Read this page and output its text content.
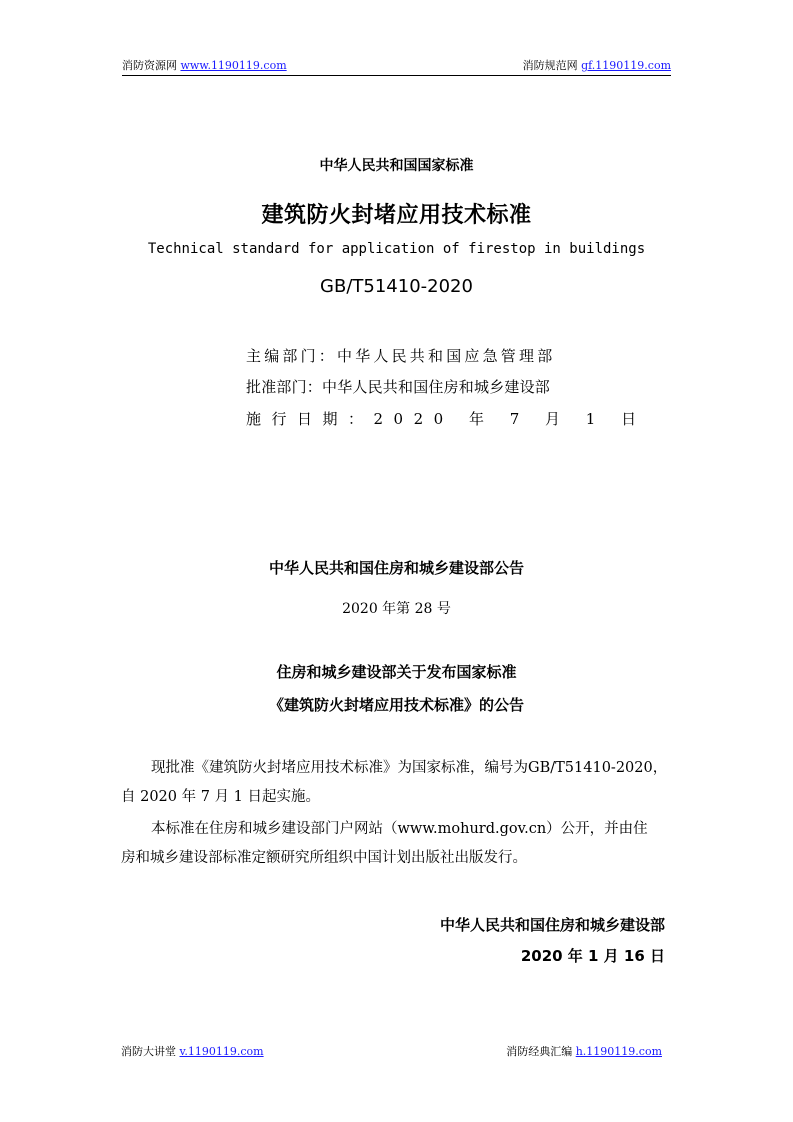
消防资源网 www.1190119.com	消防规范网 gf.1190119.com
中华人民共和国国家标准
建筑防火封堵应用技术标准
Technical standard for application of firestop in buildings
GB/T51410-2020
主编部门：中华人民共和国应急管理部
批准部门：中华人民共和国住房和城乡建设部
施行日期：2020 年 7 月 1 日
中华人民共和国住房和城乡建设部公告
2020 年第 28 号
住房和城乡建设部关于发布国家标准
《建筑防火封堵应用技术标准》的公告
现批准《建筑防火封堵应用技术标准》为国家标准，编号为GB/T51410-2020，
自 2020 年 7 月 1 日起实施。
本标准在住房和城乡建设部门户网站（www.mohurd.gov.cn）公开，并由住
房和城乡建设部标准定额研究所组织中国计划出版社出版发行。
中华人民共和国住房和城乡建设部
2020 年 1 月 16 日
消防大讲堂 v.1190119.com	消防经典汇编 h.1190119.com
